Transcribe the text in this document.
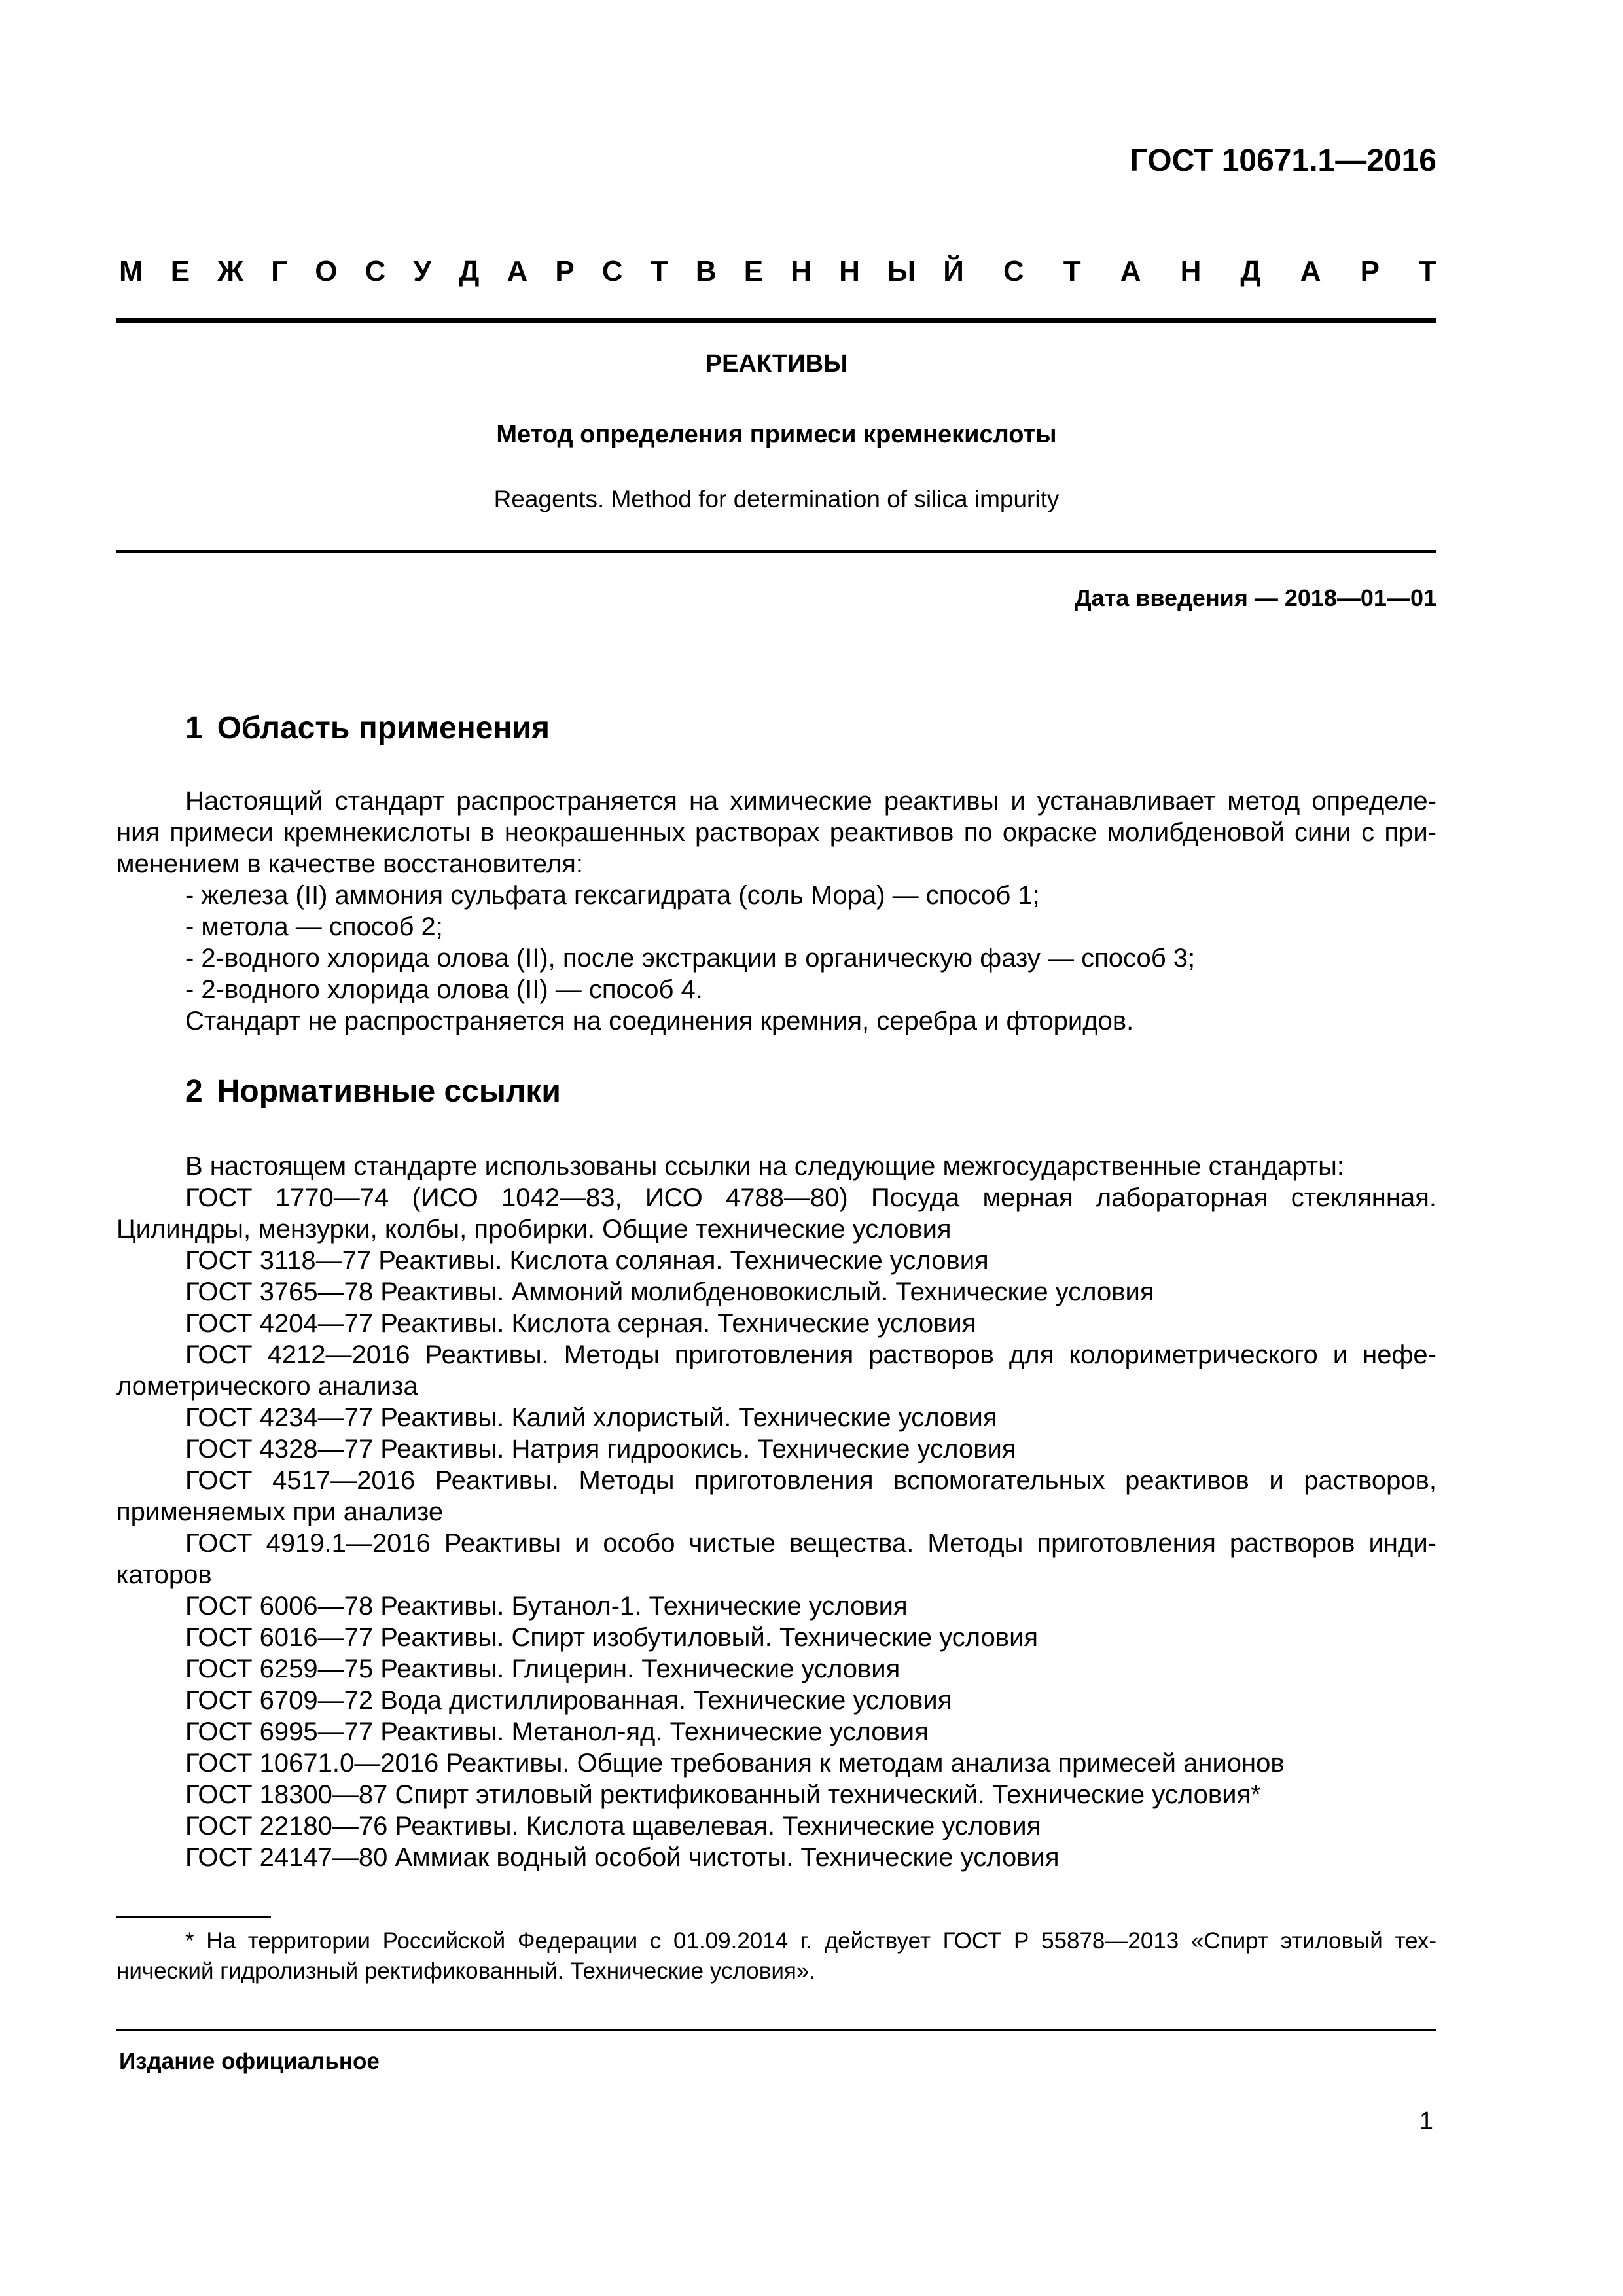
ГОСТ 10671.1—2016
М Е Ж Г О С У Д А Р С Т В Е Н Н Ы Й С Т А Н Д А Р Т
РЕАКТИВЫ
Метод определения примеси кремнекислоты
Reagents. Method for determination of silica impurity
Дата введения — 2018—01—01
1 Область применения
Настоящий стандарт распространяется на химические реактивы и устанавливает метод определе-
ния примеси кремнекислоты в неокрашенных растворах реактивов по окраске молибденовой сини с при-
менением в качестве восстановителя:
- железа (II) аммония сульфата гексагидрата (соль Мора) — способ 1;
- метола — способ 2;
- 2-водного хлорида олова (II), после экстракции в органическую фазу — способ 3;
- 2-водного хлорида олова (II) — способ 4.
Стандарт не распространяется на соединения кремния, серебра и фторидов.
2 Нормативные ссылки
В настоящем стандарте использованы ссылки на следующие межгосударственные стандарты:
ГОСТ 1770—74 (ИСО 1042—83, ИСО 4788—80) Посуда мерная лабораторная стеклянная.
Цилиндры, мензурки, колбы, пробирки. Общие технические условия
ГОСТ 3118—77 Реактивы. Кислота соляная. Технические условия
ГОСТ 3765—78 Реактивы. Аммоний молибденовокислый. Технические условия
ГОСТ 4204—77 Реактивы. Кислота серная. Технические условия
ГОСТ 4212—2016 Реактивы. Методы приготовления растворов для колориметрического и нефе-
лометрического анализа
ГОСТ 4234—77 Реактивы. Калий хлористый. Технические условия
ГОСТ 4328—77 Реактивы. Натрия гидроокись. Технические условия
ГОСТ 4517—2016 Реактивы. Методы приготовления вспомогательных реактивов и растворов,
применяемых при анализе
ГОСТ 4919.1—2016 Реактивы и особо чистые вещества. Методы приготовления растворов инди-
каторов
ГОСТ 6006—78 Реактивы. Бутанол-1. Технические условия
ГОСТ 6016—77 Реактивы. Спирт изобутиловый. Технические условия
ГОСТ 6259—75 Реактивы. Глицерин. Технические условия
ГОСТ 6709—72 Вода дистиллированная. Технические условия
ГОСТ 6995—77 Реактивы. Метанол-яд. Технические условия
ГОСТ 10671.0—2016 Реактивы. Общие требования к методам анализа примесей анионов
ГОСТ 18300—87 Спирт этиловый ректификованный технический. Технические условия*
ГОСТ 22180—76 Реактивы. Кислота щавелевая. Технические условия
ГОСТ 24147—80 Аммиак водный особой чистоты. Технические условия
* На территории Российской Федерации с 01.09.2014 г. действует ГОСТ Р 55878—2013 «Спирт этиловый тех-
нический гидролизный ректификованный. Технические условия».
Издание официальное
1
